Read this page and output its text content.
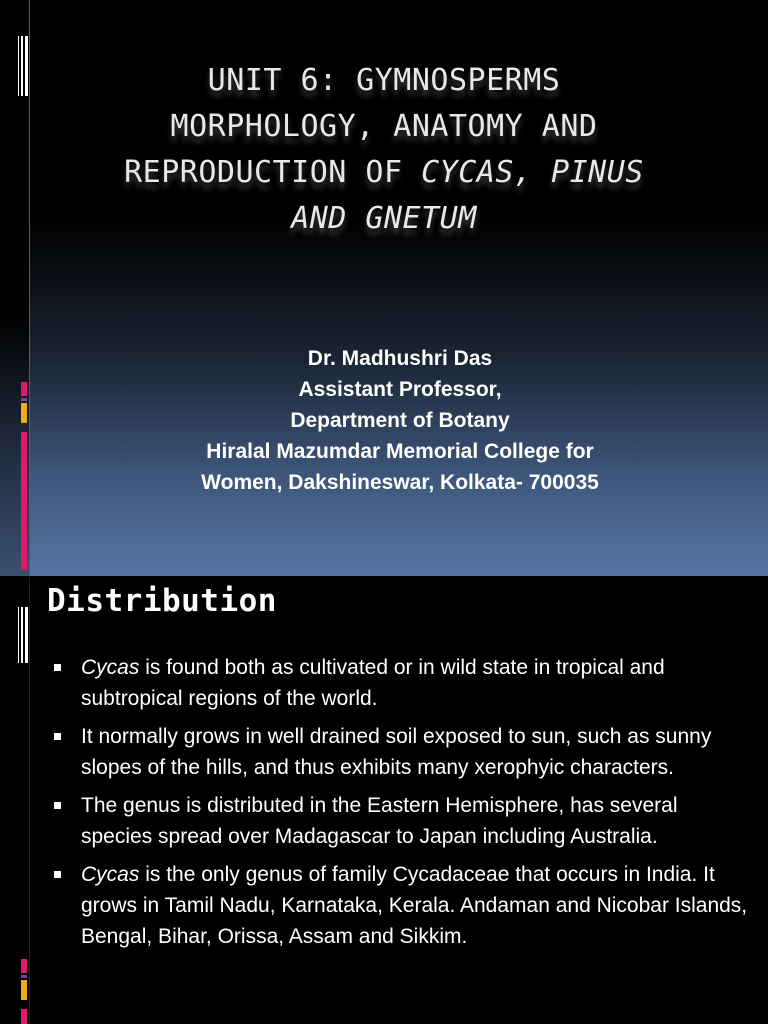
UNIT 6: GYMNOSPERMS
MORPHOLOGY, ANATOMY AND
REPRODUCTION OF CYCAS, PINUS
AND GNETUM
Dr. Madhushri Das
Assistant Professor,
Department of Botany
Hiralal Mazumdar Memorial College for
Women, Dakshineswar, Kolkata- 700035
Distribution
Cycas is found both as cultivated or in wild state in tropical and subtropical regions of the world.
It normally grows in well drained soil exposed to sun, such as sunny slopes of the hills, and thus exhibits many xerophyic characters.
The genus is distributed in the Eastern Hemisphere, has several species spread over Madagascar to Japan including Australia.
Cycas is the only genus of family Cycadaceae that occurs in India. It grows in Tamil Nadu, Karnataka, Kerala. Andaman and Nicobar Islands, Bengal, Bihar, Orissa, Assam and Sikkim.
